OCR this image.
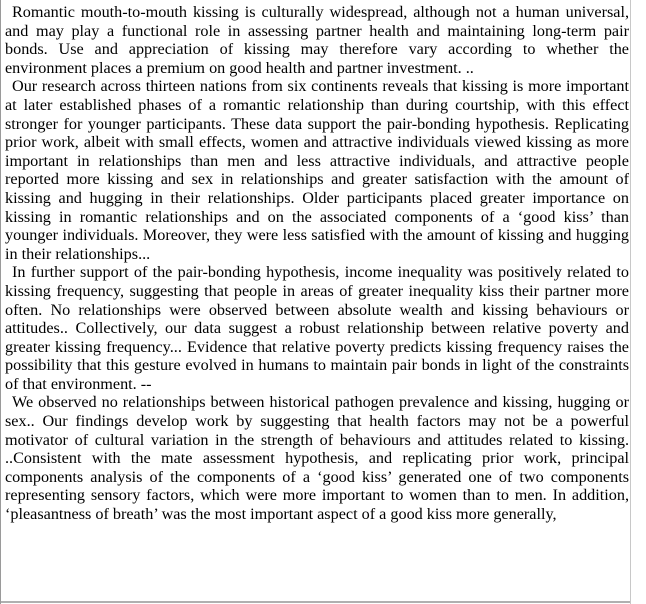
Romantic mouth-to-mouth kissing is culturally widespread, although not a human universal, and may play a functional role in assessing partner health and maintaining long-term pair bonds. Use and appreciation of kissing may therefore vary according to whether the environment places a premium on good health and partner investment. ..

Our research across thirteen nations from six continents reveals that kissing is more important at later established phases of a romantic relationship than during courtship, with this effect stronger for younger participants. These data support the pair-bonding hypothesis. Replicating prior work, albeit with small effects, women and attractive individuals viewed kissing as more important in relationships than men and less attractive individuals, and attractive people reported more kissing and sex in relationships and greater satisfaction with the amount of kissing and hugging in their relationships. Older participants placed greater importance on kissing in romantic relationships and on the associated components of a ‘good kiss’ than younger individuals. Moreover, they were less satisfied with the amount of kissing and hugging in their relationships...

In further support of the pair-bonding hypothesis, income inequality was positively related to kissing frequency, suggesting that people in areas of greater inequality kiss their partner more often. No relationships were observed between absolute wealth and kissing behaviours or attitudes.. Collectively, our data suggest a robust relationship between relative poverty and greater kissing frequency... Evidence that relative poverty predicts kissing frequency raises the possibility that this gesture evolved in humans to maintain pair bonds in light of the constraints of that environment. --

We observed no relationships between historical pathogen prevalence and kissing, hugging or sex.. Our findings develop work by suggesting that health factors may not be a powerful motivator of cultural variation in the strength of behaviours and attitudes related to kissing. ..Consistent with the mate assessment hypothesis, and replicating prior work, principal components analysis of the components of a ‘good kiss’ generated one of two components representing sensory factors, which were more important to women than to men. In addition, ‘pleasantness of breath’ was the most important aspect of a good kiss more generally,
